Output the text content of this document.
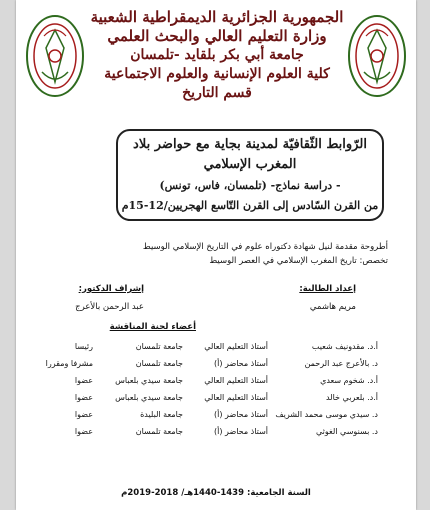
الجمهورية الجزائرية الديمقراطية الشعبية
وزارة التعليم العالي والبحث العلمي
جامعة أبي بكر بلقايد -تلمسان
كلية العلوم الإنسانية والعلوم الاجتماعية
قسم التاريخ
الرّوابط الثّقافيّة لمدينة بجاية مع حواضر بلاد
المغرب الإسلامي
- دراسة نماذج- (تلمسان، فاس، تونس)
من القرن السّادس إلى القرن التّاسع الهجريين/12-15م
أطروحة مقدمة لنيل شهادة دكتوراه علوم في التاريخ الإسلامي الوسيط
تخصص: تاريخ المغرب الإسلامي في العصر الوسيط
إعداد الطالبة:
إشراف الدكتور:
مريم هاشمي
عبد الرحمن بالأعرج
أعضاء لجنة المناقشة
أ.د. مقدونيف شعيب
أستاذ التعليم العالي
جامعة تلمسان
رئيسا
د. بالأعرج عبد الرحمن
أستاذ محاضر (أ)
جامعة تلمسان
مشرفا ومقررا
أ.د. شخوم سعدي
أستاذ التعليم العالي
جامعة سيدي بلعباس
عضوا
أ.د. بلعربي خالد
أستاذ التعليم العالي
جامعة سيدي بلعباس
عضوا
د. سيدي موسى محمد الشريف
أستاذ محاضر (أ)
جامعة البليدة
عضوا
د. بسنوسي الغوثي
أستاذ محاضر (أ)
جامعة تلمسان
عضوا
السنة الجامعية: 1439-1440هـ/ 2018-2019م
